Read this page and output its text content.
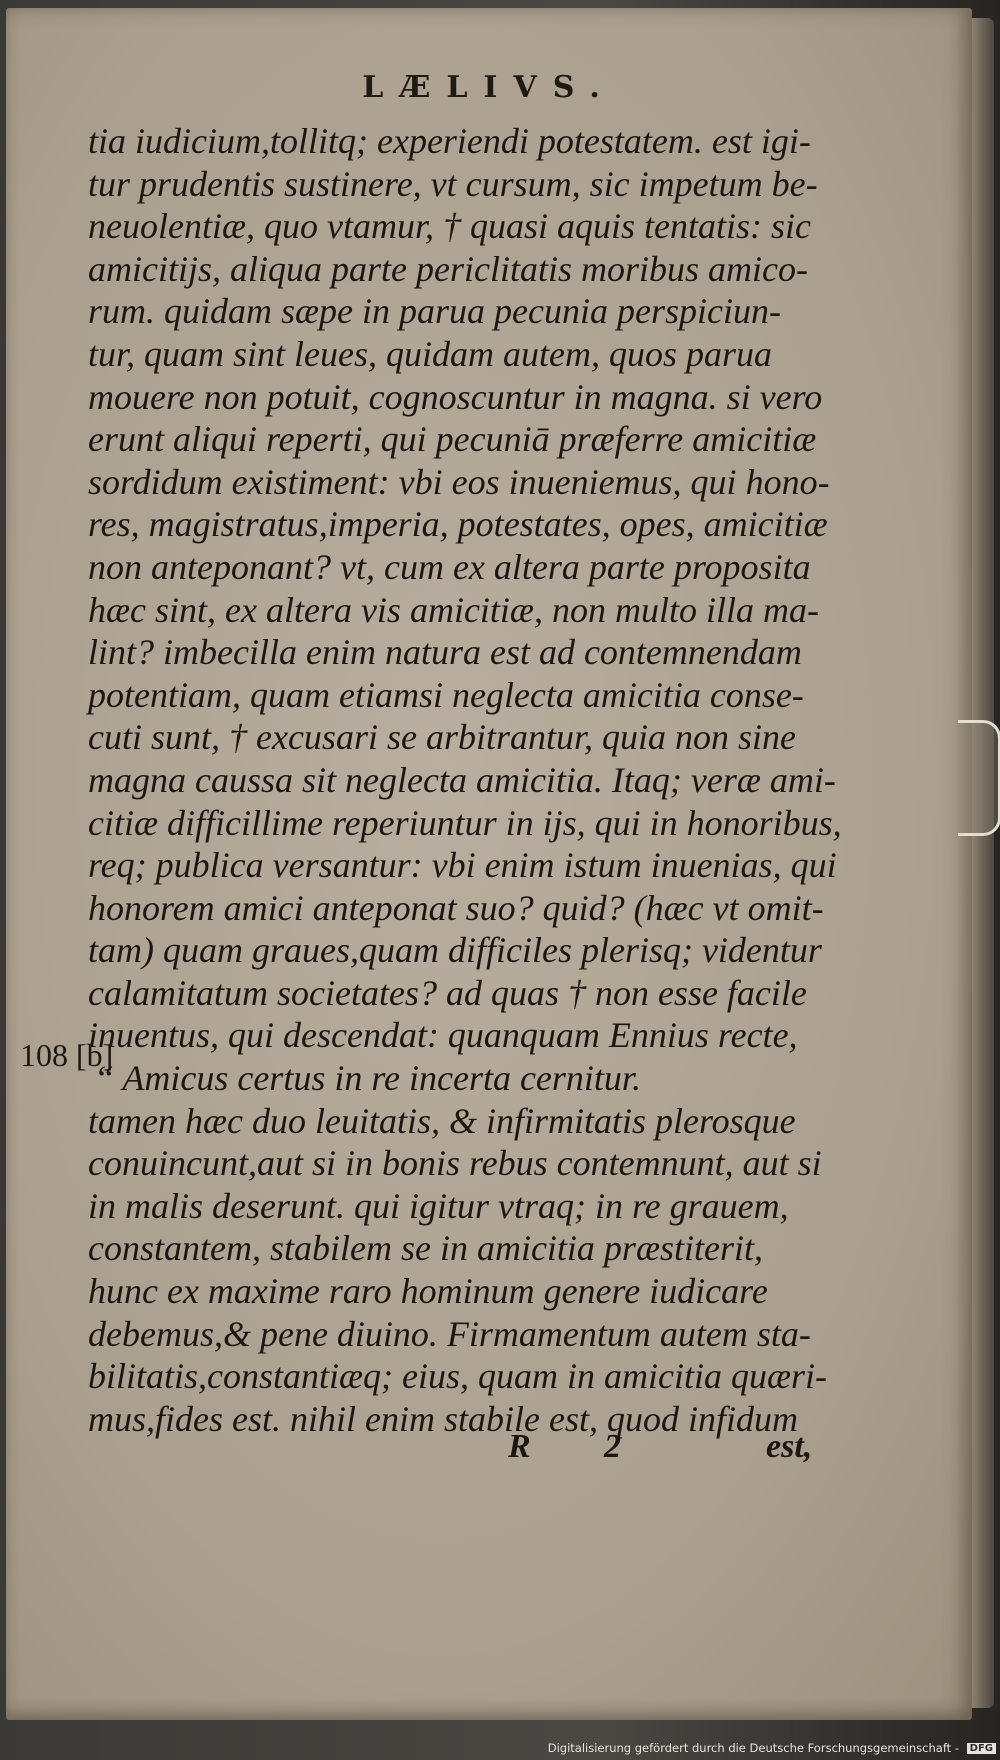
LÆLIVS.
tia iudicium,tollitq; experiendi potestatem. est igi-
tur prudentis sustinere, vt cursum, sic impetum be-
neuolentiæ, quo vtamur, † quasi aquis tentatis: sic
amicitijs, aliqua parte periclitatis moribus amico-
rum. quidam sæpe in parua pecunia perspiciun-
tur, quam sint leues, quidam autem, quos parua
mouere non potuit, cognoscuntur in magna. si vero
erunt aliqui reperti, qui pecuniā præferre amicitiæ
sordidum existiment: vbi eos inueniemus, qui hono-
res, magistratus,imperia, potestates, opes, amicitiæ
non anteponant? vt, cum ex altera parte proposita
hæc sint, ex altera vis amicitiæ, non multo illa ma-
lint? imbecilla enim natura est ad contemnendam
potentiam, quam etiamsi neglecta amicitia conse-
cuti sunt, † excusari se arbitrantur, quia non sine
magna caussa sit neglecta amicitia. Itaq; veræ ami-
citiæ difficillime reperiuntur in ijs, qui in honoribus,
req; publica versantur: vbi enim istum inuenias, qui
honorem amici anteponat suo? quid? (hæc vt omit-
tam) quam graues,quam difficiles plerisq; videntur
calamitatum societates? ad quas † non esse facile
inuentus, qui descendat: quanquam Ennius recte,
“ Amicus certus in re incerta cernitur.
tamen hæc duo leuitatis, & infirmitatis plerosque
conuincunt,aut si in bonis rebus contemnunt, aut si
in malis deserunt. qui igitur vtraq; in re grauem,
constantem, stabilem se in amicitia præstiterit,
hunc ex maxime raro hominum genere iudicare
debemus,& pene diuino. Firmamentum autem sta-
bilitatis,constantiæq; eius, quam in amicitia quæri-
mus,fides est. nihil enim stabile est, quod infidum
108 [b]
R 2	est,
Digitalisierung gefördert durch die Deutsche Forschungsgemeinschaft - DFG
